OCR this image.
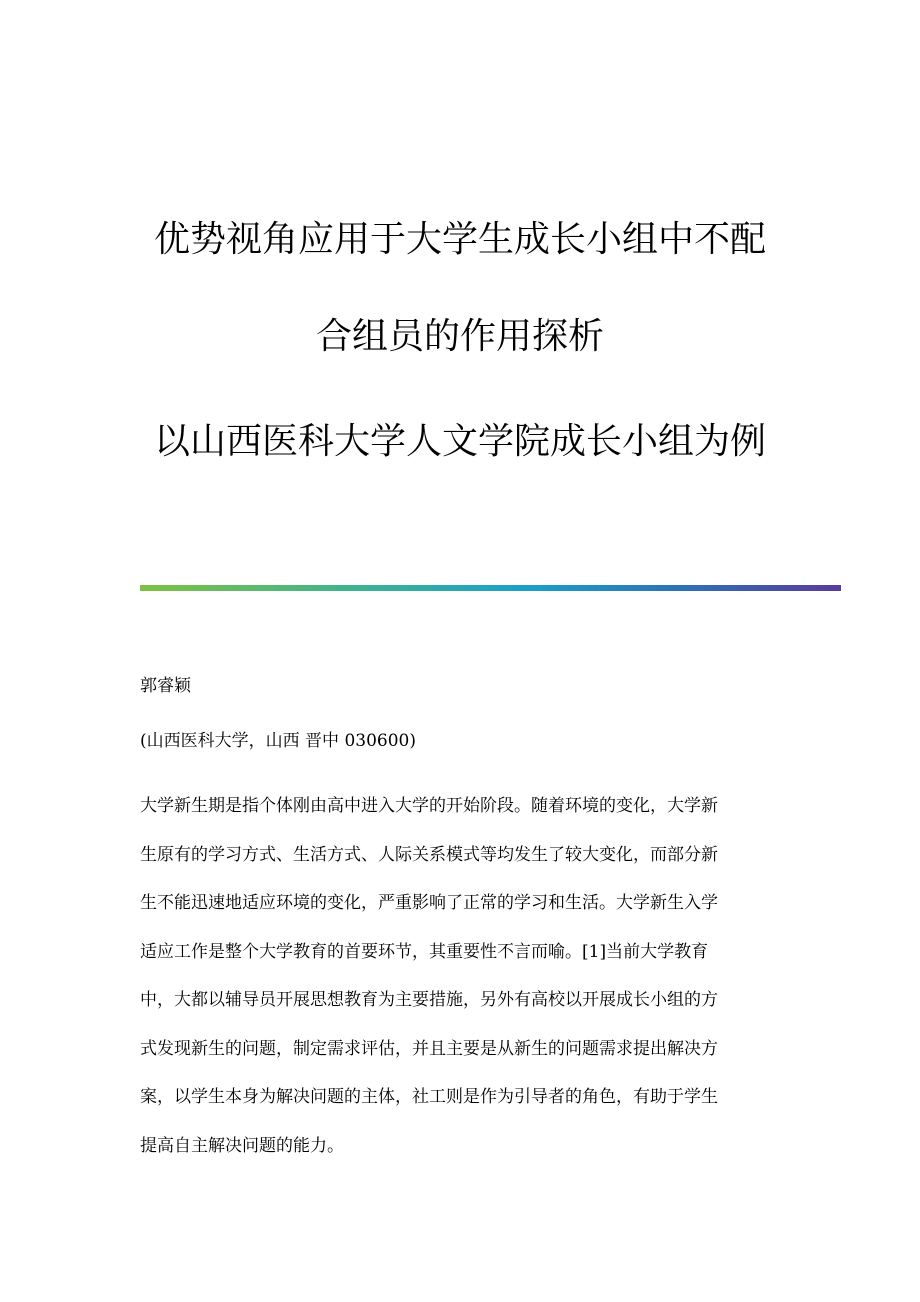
优势视角应用于大学生成长小组中不配
合组员的作用探析
以山西医科大学人文学院成长小组为例
郭睿颖
(山西医科大学，山西 晋中 030600)
大学新生期是指个体刚由高中进入大学的开始阶段。随着环境的变化，大学新
生原有的学习方式、生活方式、人际关系模式等均发生了较大变化，而部分新
生不能迅速地适应环境的变化，严重影响了正常的学习和生活。大学新生入学
适应工作是整个大学教育的首要环节，其重要性不言而喻。[1]当前大学教育
中，大都以辅导员开展思想教育为主要措施，另外有高校以开展成长小组的方
式发现新生的问题，制定需求评估，并且主要是从新生的问题需求提出解决方
案，以学生本身为解决问题的主体，社工则是作为引导者的角色，有助于学生
提高自主解决问题的能力。
